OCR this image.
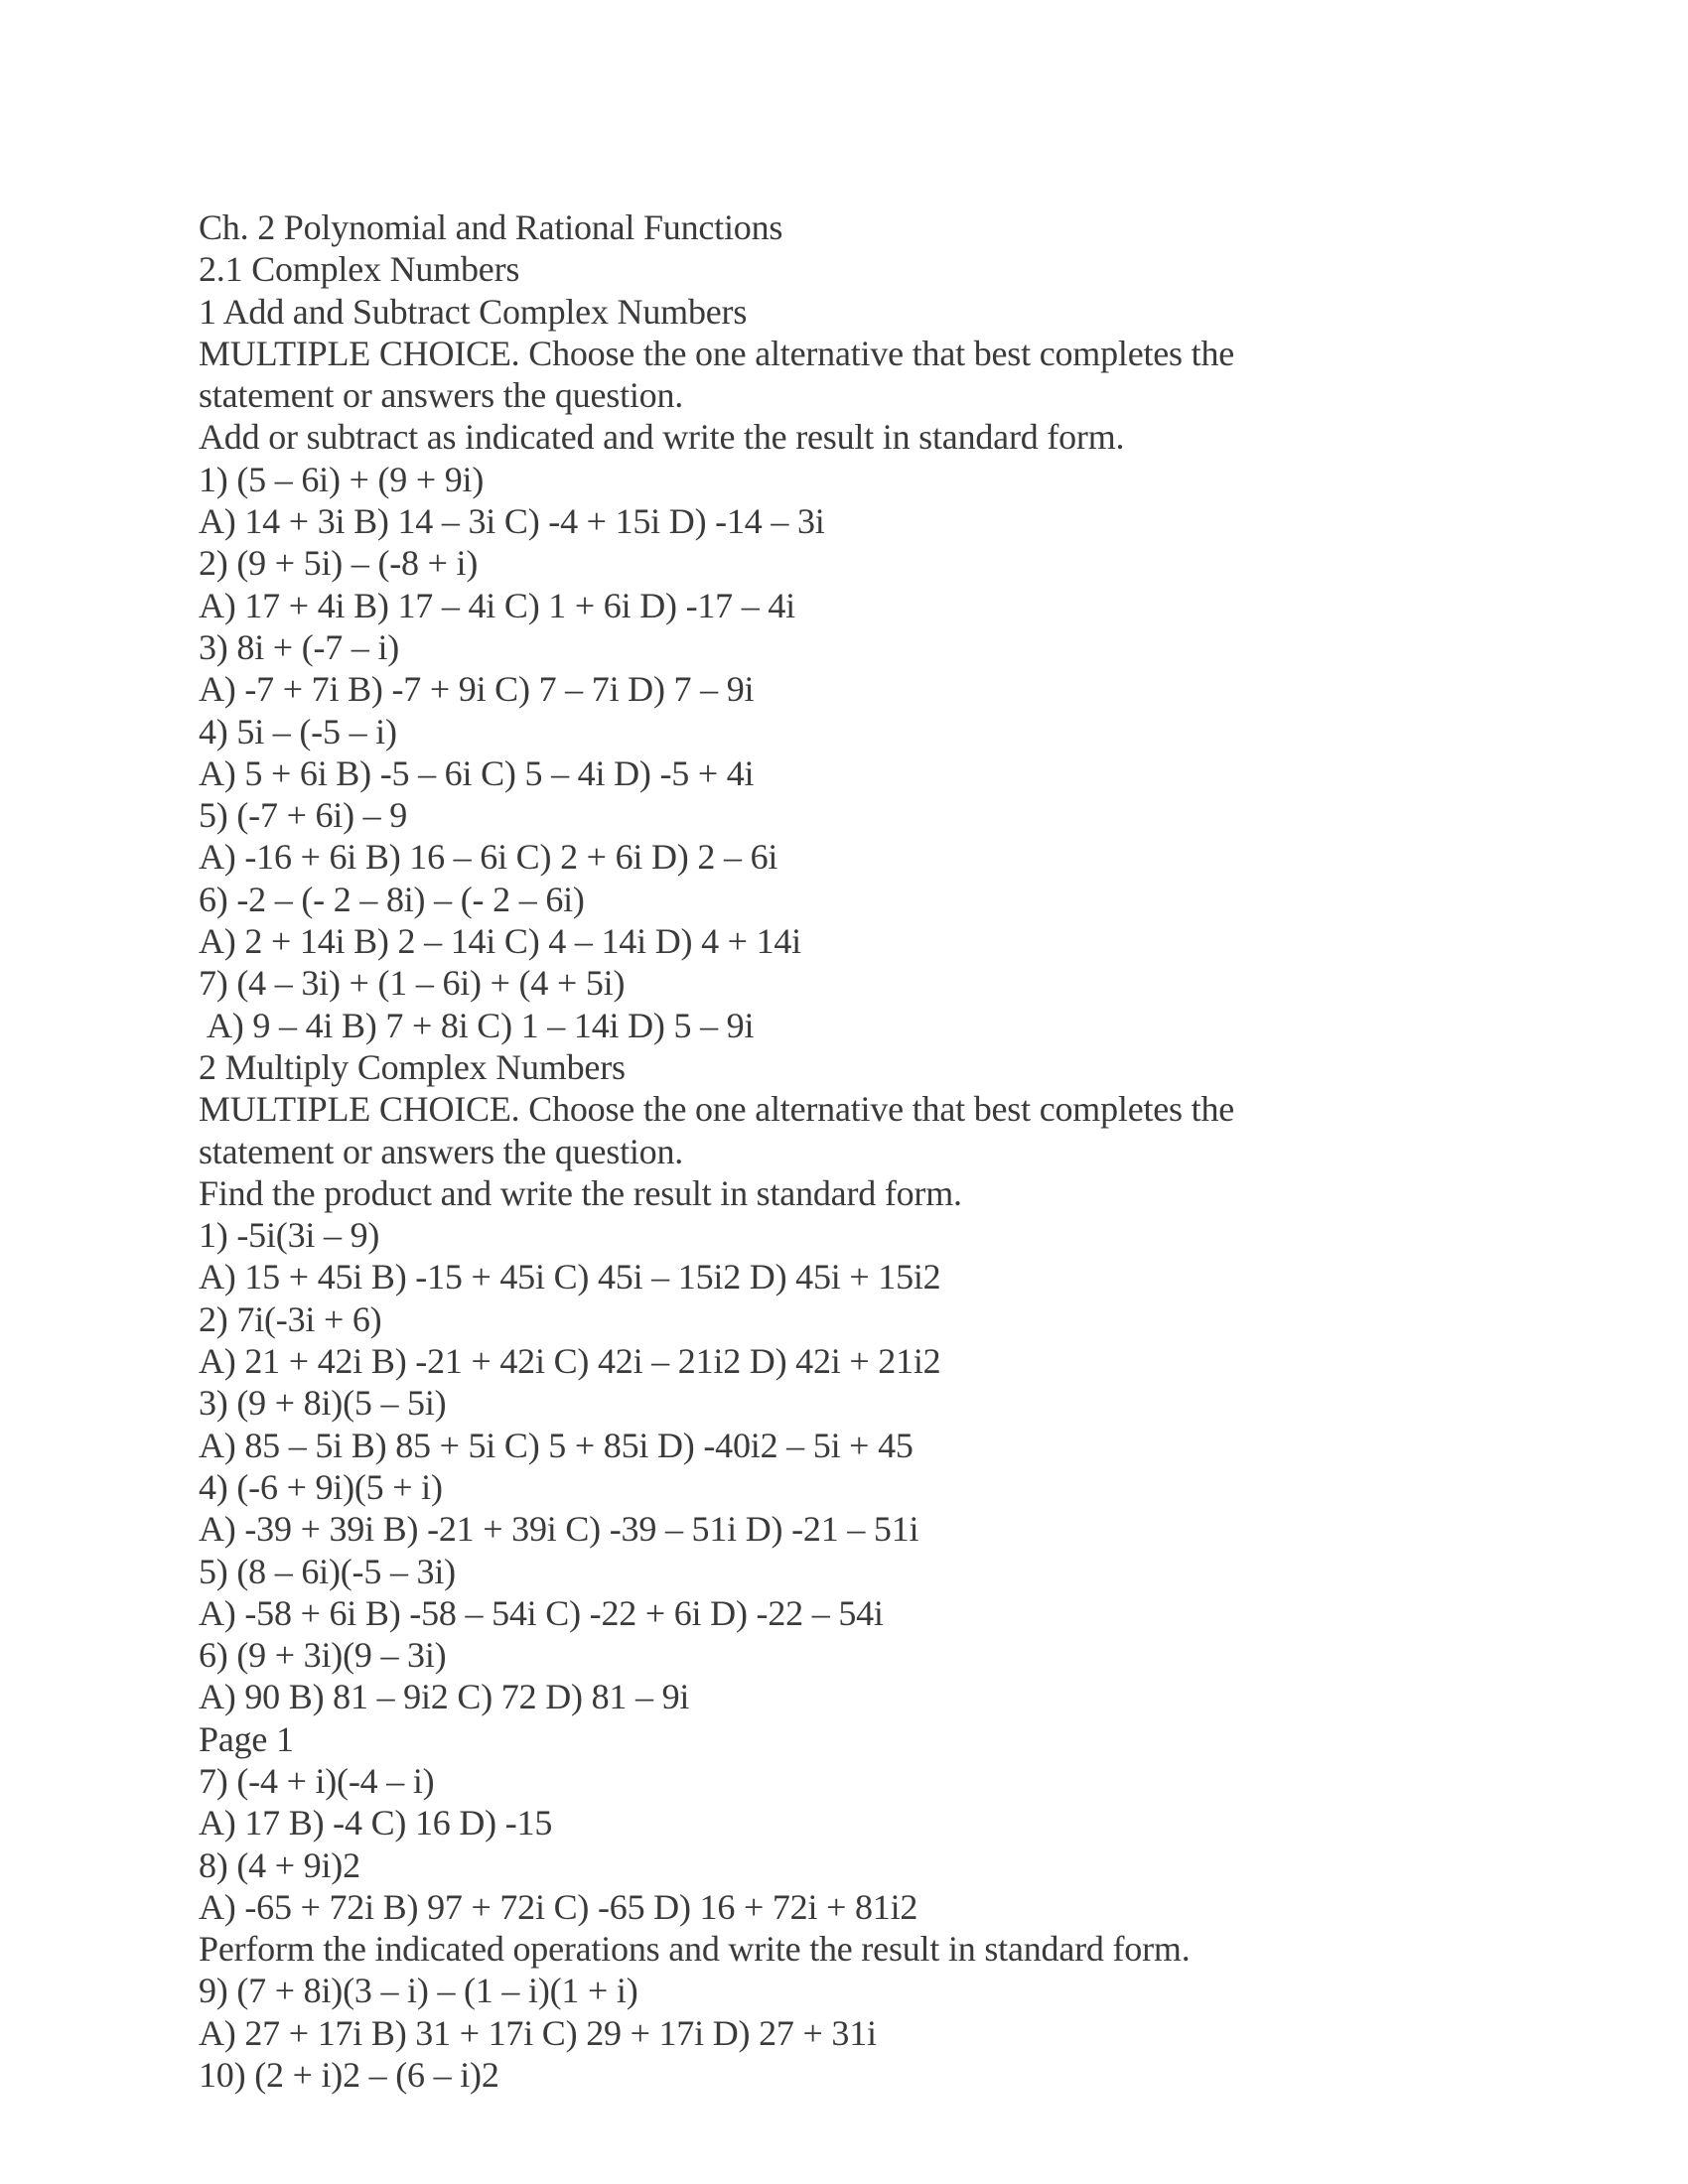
Ch. 2 Polynomial and Rational Functions
2.1 Complex Numbers
1 Add and Subtract Complex Numbers
MULTIPLE CHOICE. Choose the one alternative that best completes the
statement or answers the question.
Add or subtract as indicated and write the result in standard form.
1) (5 – 6i) + (9 + 9i)
A) 14 + 3i B) 14 – 3i C) -4 + 15i D) -14 – 3i
2) (9 + 5i) – (-8 + i)
A) 17 + 4i B) 17 – 4i C) 1 + 6i D) -17 – 4i
3) 8i + (-7 – i)
A) -7 + 7i B) -7 + 9i C) 7 – 7i D) 7 – 9i
4) 5i – (-5 – i)
A) 5 + 6i B) -5 – 6i C) 5 – 4i D) -5 + 4i
5) (-7 + 6i) – 9
A) -16 + 6i B) 16 – 6i C) 2 + 6i D) 2 – 6i
6) -2 – (- 2 – 8i) – (- 2 – 6i)
A) 2 + 14i B) 2 – 14i C) 4 – 14i D) 4 + 14i
7) (4 – 3i) + (1 – 6i) + (4 + 5i)
A) 9 – 4i B) 7 + 8i C) 1 – 14i D) 5 – 9i
2 Multiply Complex Numbers
MULTIPLE CHOICE. Choose the one alternative that best completes the
statement or answers the question.
Find the product and write the result in standard form.
1) -5i(3i – 9)
A) 15 + 45i B) -15 + 45i C) 45i – 15i2 D) 45i + 15i2
2) 7i(-3i + 6)
A) 21 + 42i B) -21 + 42i C) 42i – 21i2 D) 42i + 21i2
3) (9 + 8i)(5 – 5i)
A) 85 – 5i B) 85 + 5i C) 5 + 85i D) -40i2 – 5i + 45
4) (-6 + 9i)(5 + i)
A) -39 + 39i B) -21 + 39i C) -39 – 51i D) -21 – 51i
5) (8 – 6i)(-5 – 3i)
A) -58 + 6i B) -58 – 54i C) -22 + 6i D) -22 – 54i
6) (9 + 3i)(9 – 3i)
A) 90 B) 81 – 9i2 C) 72 D) 81 – 9i
Page 1
7) (-4 + i)(-4 – i)
A) 17 B) -4 C) 16 D) -15
8) (4 + 9i)2
A) -65 + 72i B) 97 + 72i C) -65 D) 16 + 72i + 81i2
Perform the indicated operations and write the result in standard form.
9) (7 + 8i)(3 – i) – (1 – i)(1 + i)
A) 27 + 17i B) 31 + 17i C) 29 + 17i D) 27 + 31i
10) (2 + i)2 – (6 – i)2
